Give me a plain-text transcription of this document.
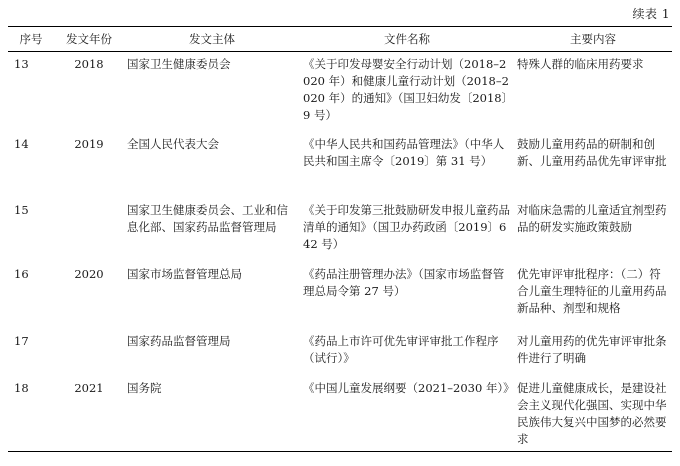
续表 1
序号	发文年份	发文主体	文件名称	主要内容
13	2018	国家卫生健康委员会	《关于印发母婴安全行动计划（2018–2020 年）和健康儿童行动计划（2018–2020 年）的通知》（国卫妇幼发〔2018〕9 号）	特殊人群的临床用药要求
14	2019	全国人民代表大会	《中华人民共和国药品管理法》（中华人民共和国主席令〔2019〕第 31 号）	鼓励儿童用药品的研制和创新、儿童用药品优先审评审批
15		国家卫生健康委员会、工业和信息化部、国家药品监督管理局	《关于印发第三批鼓励研发申报儿童药品清单的通知》（国卫办药政函〔2019〕642 号）	对临床急需的儿童适宜剂型药品的研发实施政策鼓励
16	2020	国家市场监督管理总局	《药品注册管理办法》（国家市场监督管理总局令第 27 号）	优先审评审批程序：（二）符合儿童生理特征的儿童用药品新品种、剂型和规格
17		国家药品监督管理局	《药品上市许可优先审评审批工作程序（试行）》	对儿童用药的优先审评审批条件进行了明确
18	2021	国务院	《中国儿童发展纲要（2021–2030 年）》	促进儿童健康成长，是建设社会主义现代化强国、实现中华民族伟大复兴中国梦的必然要求
